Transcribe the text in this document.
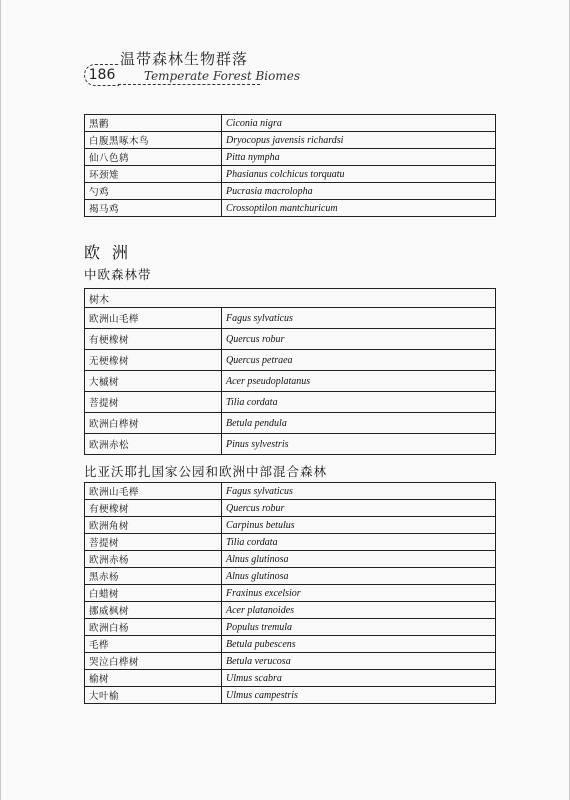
186
温带森林生物群落
Temperate Forest Biomes
黑鹳	Ciconia nigra
白腹黑啄木鸟	Dryocopus javensis richardsi
仙八色鸫	Pitta nympha
环颈雉	Phasianus colchicus torquatu
勺鸡	Pucrasia macrolopha
褐马鸡	Crossoptilon mantchuricum
欧洲
中欧森林带
树木	
欧洲山毛榉	Fagus sylvaticus
有梗橡树	Quercus robur
无梗橡树	Quercus petraea
大槭树	Acer pseudoplatanus
菩提树	Tilia cordata
欧洲白桦树	Betula pendula
欧洲赤松	Pinus sylvestris
比亚沃耶扎国家公园和欧洲中部混合森林
欧洲山毛榉	Fagus sylvaticus
有梗橡树	Quercus robur
欧洲角树	Carpinus betulus
菩提树	Tilia cordata
欧洲赤杨	Alnus glutinosa
黑赤杨	Alnus glutinosa
白蜡树	Fraxinus excelsior
挪威枫树	Acer platanoides
欧洲白杨	Populus tremula
毛桦	Betula pubescens
哭泣白桦树	Betula verucosa
榆树	Ulmus scabra
大叶榆	Ulmus campestris
